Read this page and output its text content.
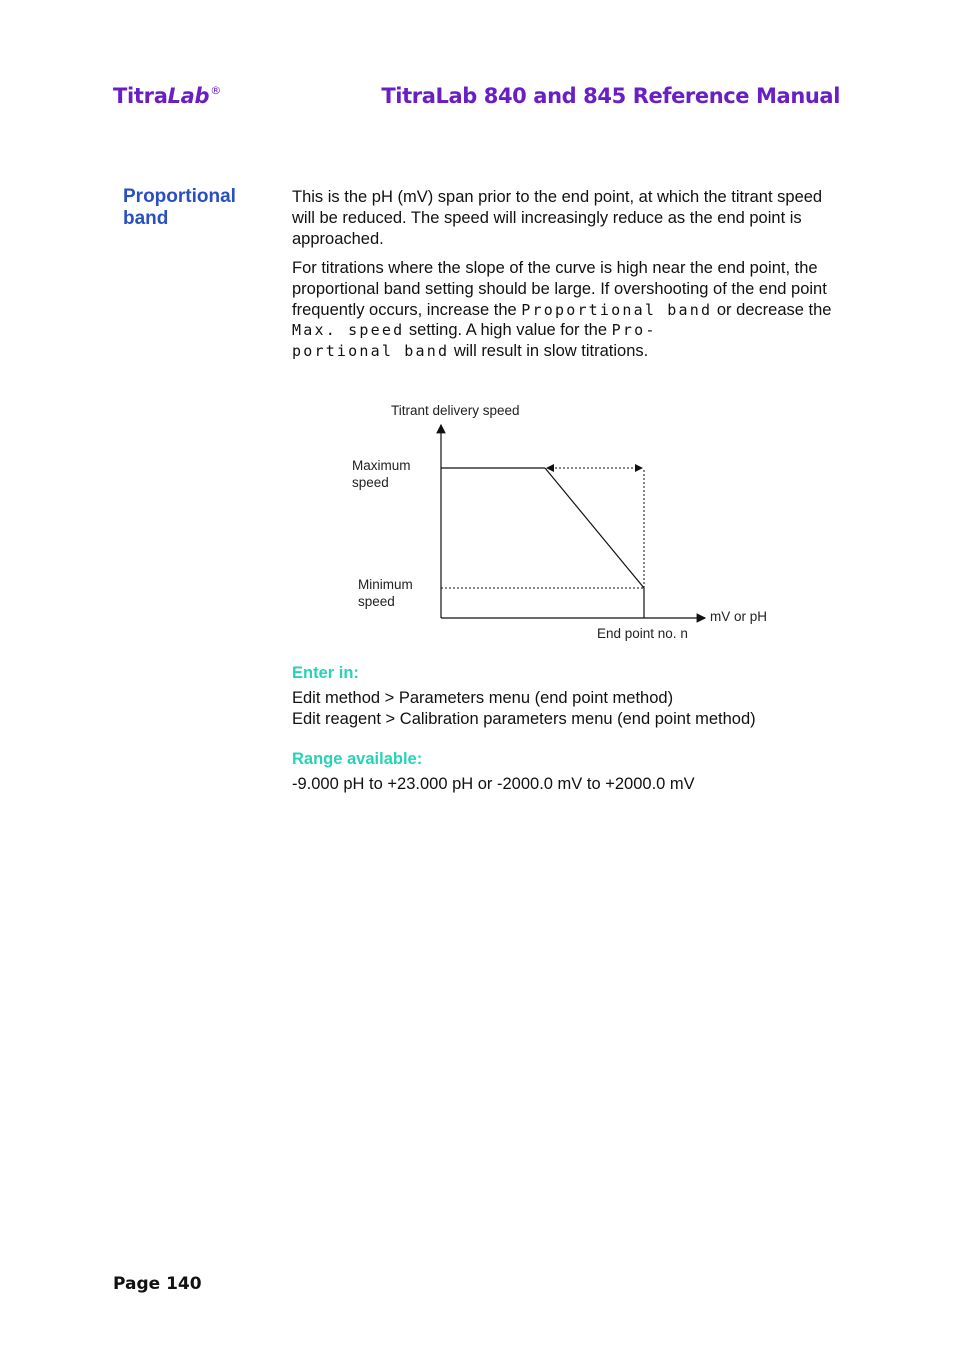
TitraLab®	TitraLab 840 and 845 Reference Manual
Proportional
band
This is the pH (mV) span prior to the end point, at which the titrant speed will be reduced. The speed will increasingly reduce as the end point is approached.
For titrations where the slope of the curve is high near the end point, the proportional band setting should be large. If overshooting of the end point frequently occurs, increase the Proportional band or decrease the Max. speed setting. A high value for the Pro-
portional band will result in slow titrations.
Titrant delivery speed
Maximum
speed
Minimum
speed
mV or pH
End point no. n
Enter in:
Edit method > Parameters menu (end point method)
Edit reagent > Calibration parameters menu (end point method)
Range available:
-9.000 pH to +23.000 pH or -2000.0 mV to +2000.0 mV
Page 140
